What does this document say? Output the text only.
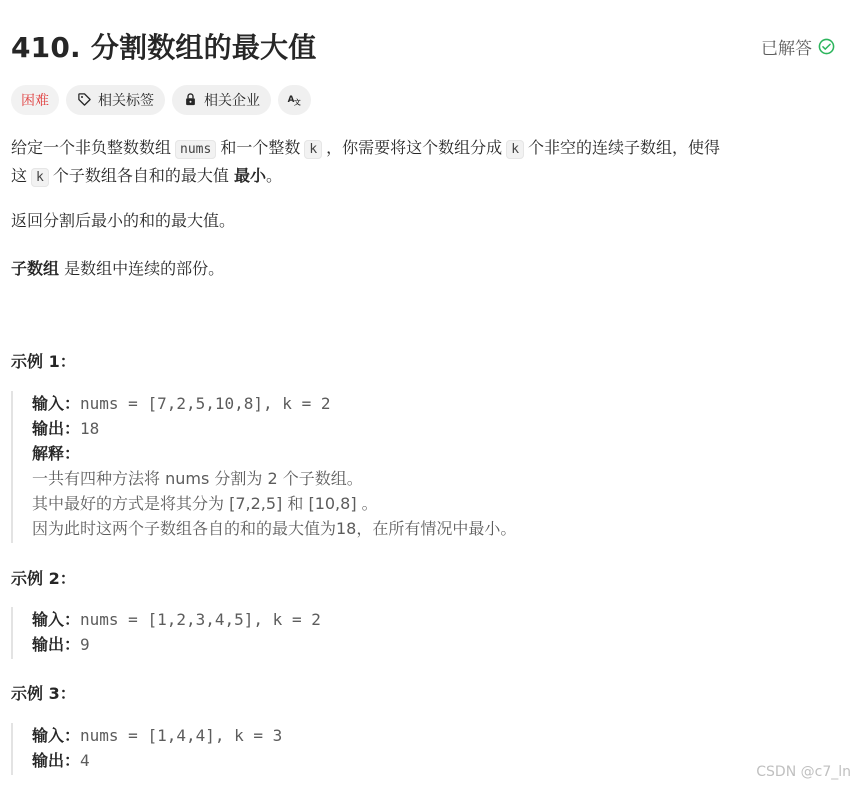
410. 分割数组的最大值	已解答
困难	相关标签	相关企业 A 文
给定一个非负整数数组 nums 和一个整数 k ，你需要将这个数组分成 k 个非空的连续子数组，使得
这 k 个子数组各自和的最大值 最小。
返回分割后最小的和的最大值。
子数组 是数组中连续的部份。
示例 1：
输入：nums = [7,2,5,10,8], k = 2
输出：18
解释：
一共有四种方法将 nums 分割为 2 个子数组。
其中最好的方式是将其分为 [7,2,5] 和 [10,8] 。
因为此时这两个子数组各自的和的最大值为18，在所有情况中最小。
示例 2：
输入：nums = [1,2,3,4,5], k = 2
输出：9
示例 3：
输入：nums = [1,4,4], k = 3
输出：4
CSDN @c7_ln
